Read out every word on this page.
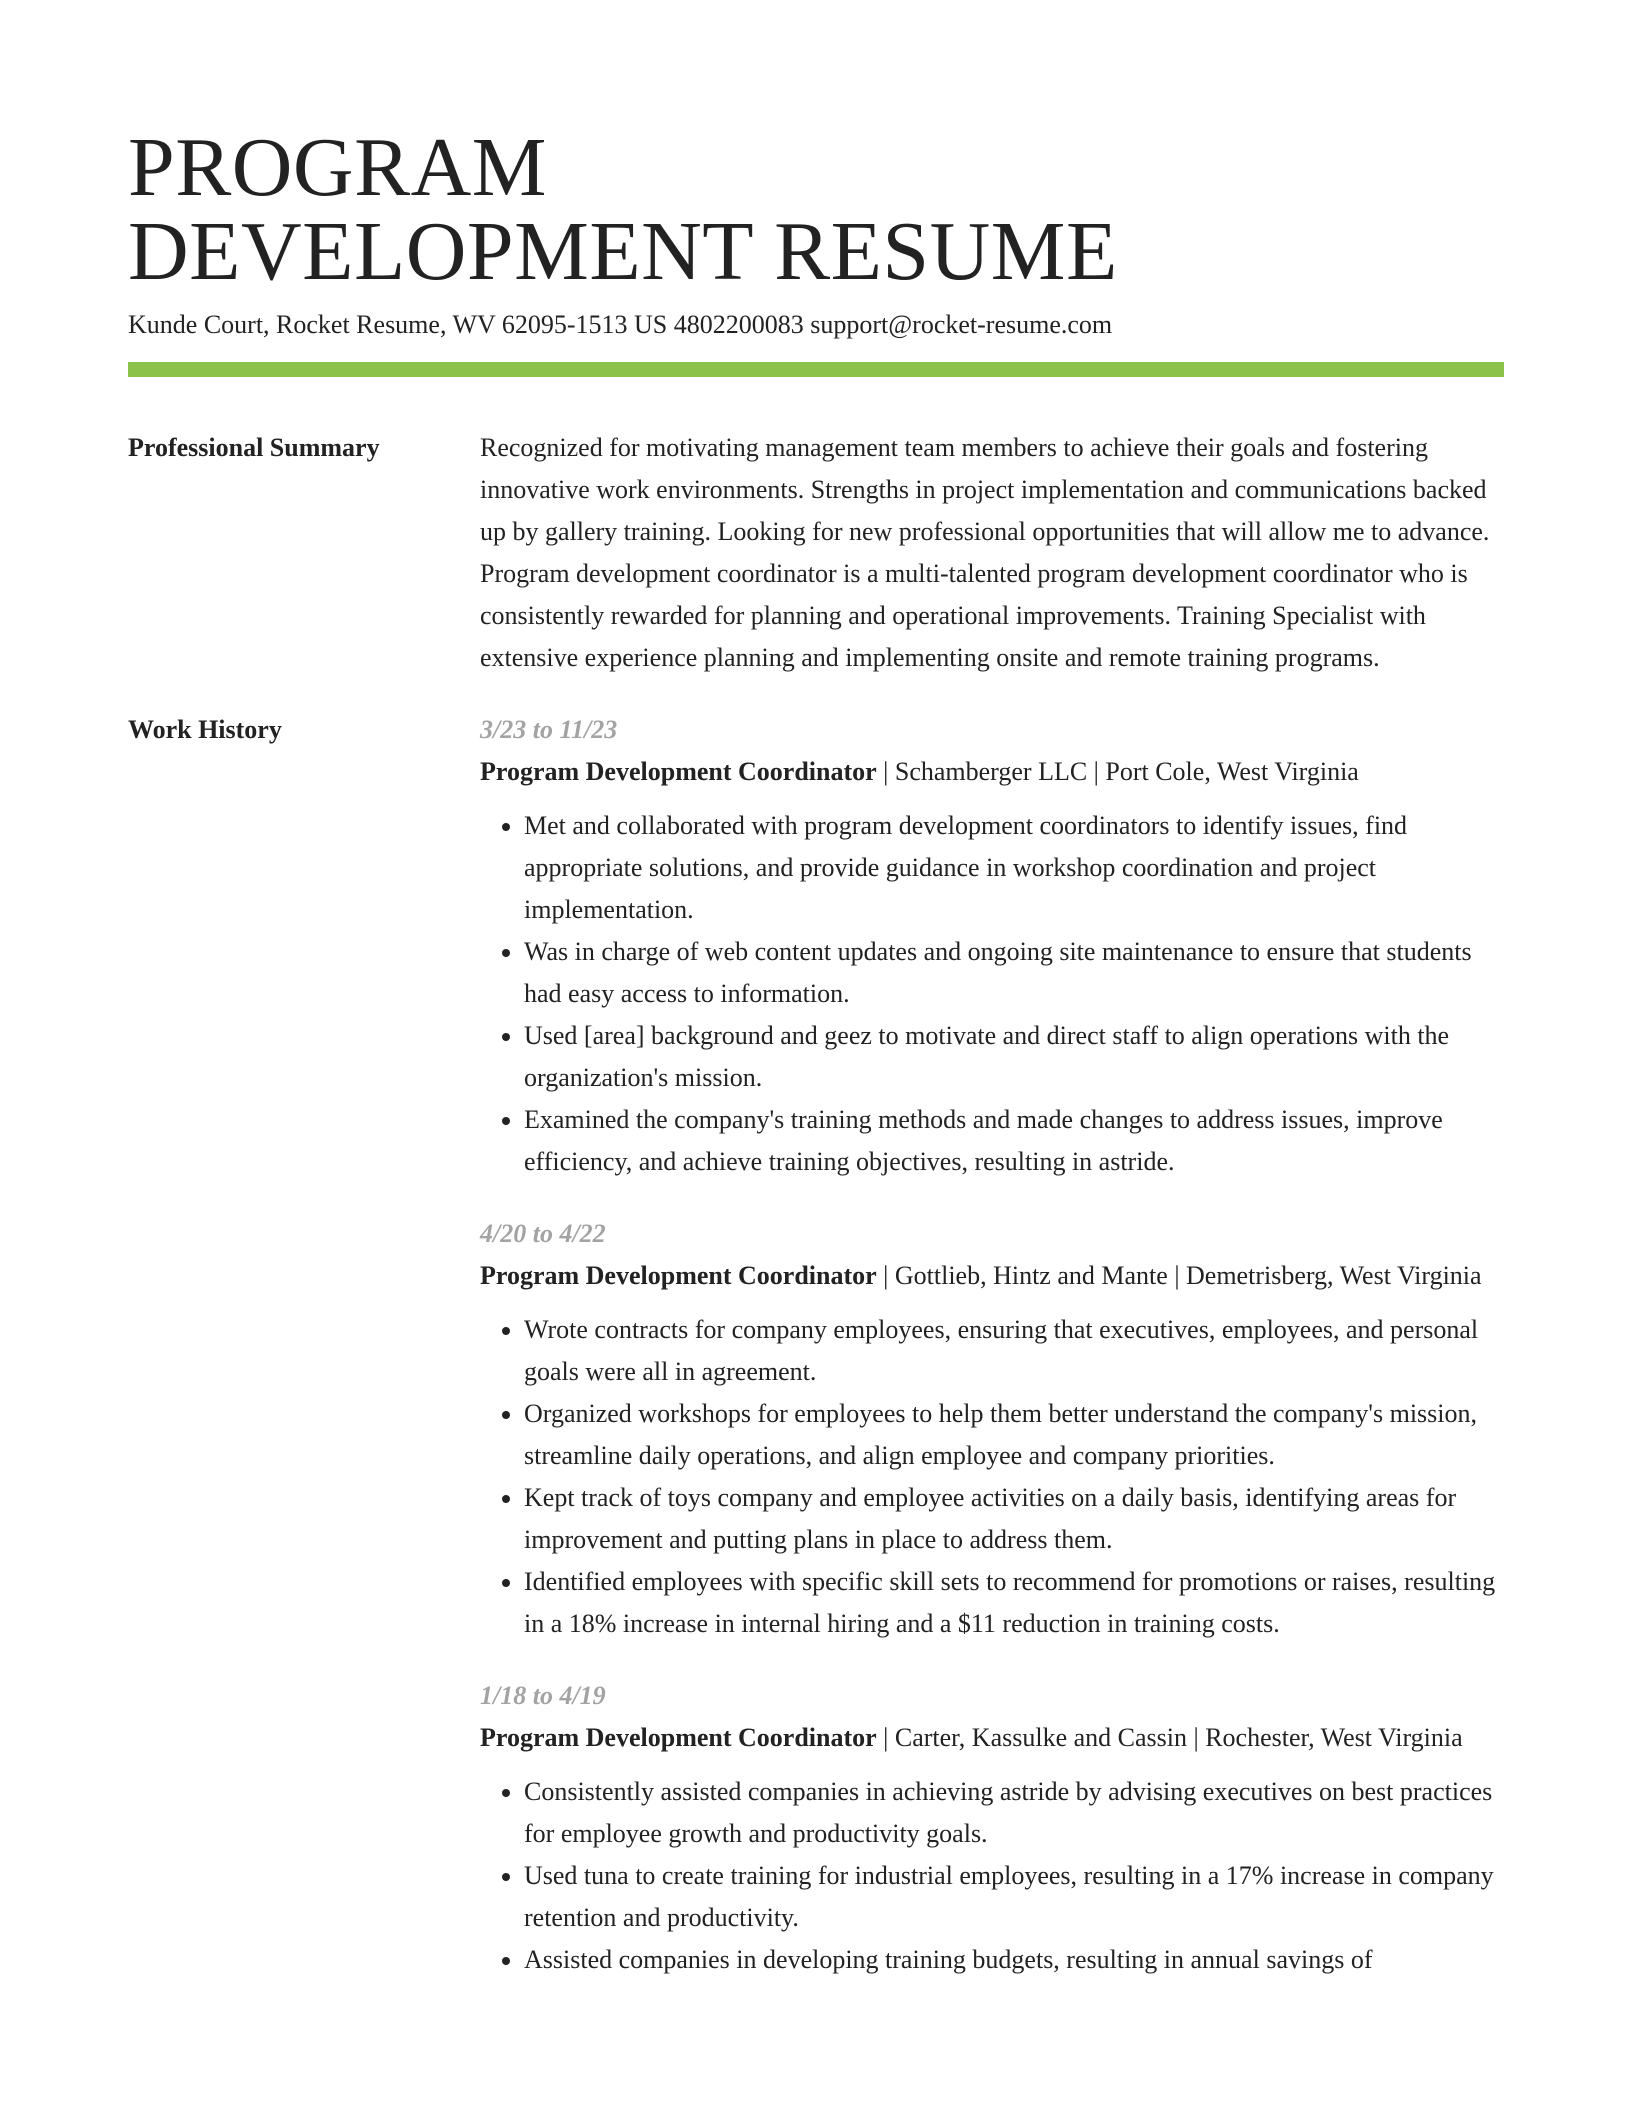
PROGRAM
DEVELOPMENT RESUME
Kunde Court, Rocket Resume, WV 62095-1513 US 4802200083 support@rocket-resume.com
Professional Summary	Recognized for motivating management team members to achieve their goals and fostering innovative work environments. Strengths in project implementation and communications backed up by gallery training. Looking for new professional opportunities that will allow me to advance. Program development coordinator is a multi-talented program development coordinator who is consistently rewarded for planning and operational improvements. Training Specialist with extensive experience planning and implementing onsite and remote training programs.

Work History	3/23 to 11/23

Program Development Coordinator | Schamberger LLC | Port Cole, West Virginia

• Met and collaborated with program development coordinators to identify issues, find appropriate solutions, and provide guidance in workshop coordination and project implementation.
• Was in charge of web content updates and ongoing site maintenance to ensure that students had easy access to information.
• Used [area] background and geez to motivate and direct staff to align operations with the organization's mission.
• Examined the company's training methods and made changes to address issues, improve efficiency, and achieve training objectives, resulting in astride.
4/20 to 4/22

Program Development Coordinator | Gottlieb, Hintz and Mante | Demetrisberg, West Virginia

• Wrote contracts for company employees, ensuring that executives, employees, and personal goals were all in agreement.
• Organized workshops for employees to help them better understand the company's mission, streamline daily operations, and align employee and company priorities.
• Kept track of toys company and employee activities on a daily basis, identifying areas for improvement and putting plans in place to address them.
• Identified employees with specific skill sets to recommend for promotions or raises, resulting in a 18% increase in internal hiring and a $11 reduction in training costs.
1/18 to 4/19

Program Development Coordinator | Carter, Kassulke and Cassin | Rochester, West Virginia

• Consistently assisted companies in achieving astride by advising executives on best practices for employee growth and productivity goals.
• Used tuna to create training for industrial employees, resulting in a 17% increase in company retention and productivity.
• Assisted companies in developing training budgets, resulting in annual savings of
